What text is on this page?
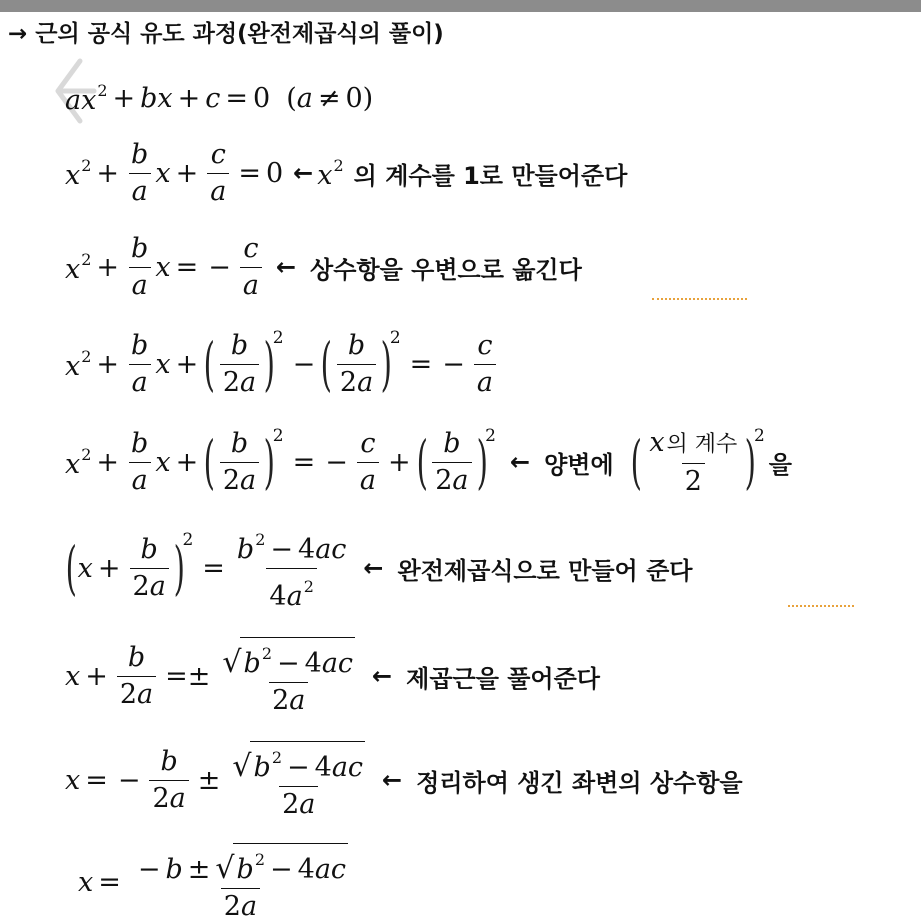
→ 근의 공식 유도 과정(완전제곱식의 풀이)
$ax^2$ + bx + c = 0 ( a ≠ 0)
$x^2 + \frac{b}{a}$ $x + \frac{c}{a} = 0$ ← $x^2$ 의 계수를 1로 만들어준다
$x^2 + \frac{b}{a}$ x = − $\frac{c}{a}$ ← 상수항을 우변으로 옮긴다
$x^2 + \frac{b}{a}$ x + ( $\frac{b}{2a}$ )
2
− ( $\frac{b}{2a}$ )
2
= − $\frac{c}{a}$
$x^2 + \frac{b}{a}$ x + ( $\frac{b}{2a}$ )
2
= − $\frac{c}{a}$ + ( $\frac{b}{2a}$ )
2
← 양변에 ( $\frac{\text{x의 계수}}{2}$ )
2
을
( $x + \frac{b}{2a}$ )
2
= $\frac{b^2 - 4ac}{4a^2}$ ← 완전제곱식으로 만들어 준다
$x + \frac{b}{2a} =\pm \frac{√ b^2 - 4ac}{2a}$ ← 제곱근을 풀어준다
x = − $\frac{b}{2a} \pm \frac{√ b^2 - 4ac}{2a}$ ← 정리하여 생긴 좌변의 상수항을
$x = \frac{- b \pm √ b^2 - 4ac}{2a}$
